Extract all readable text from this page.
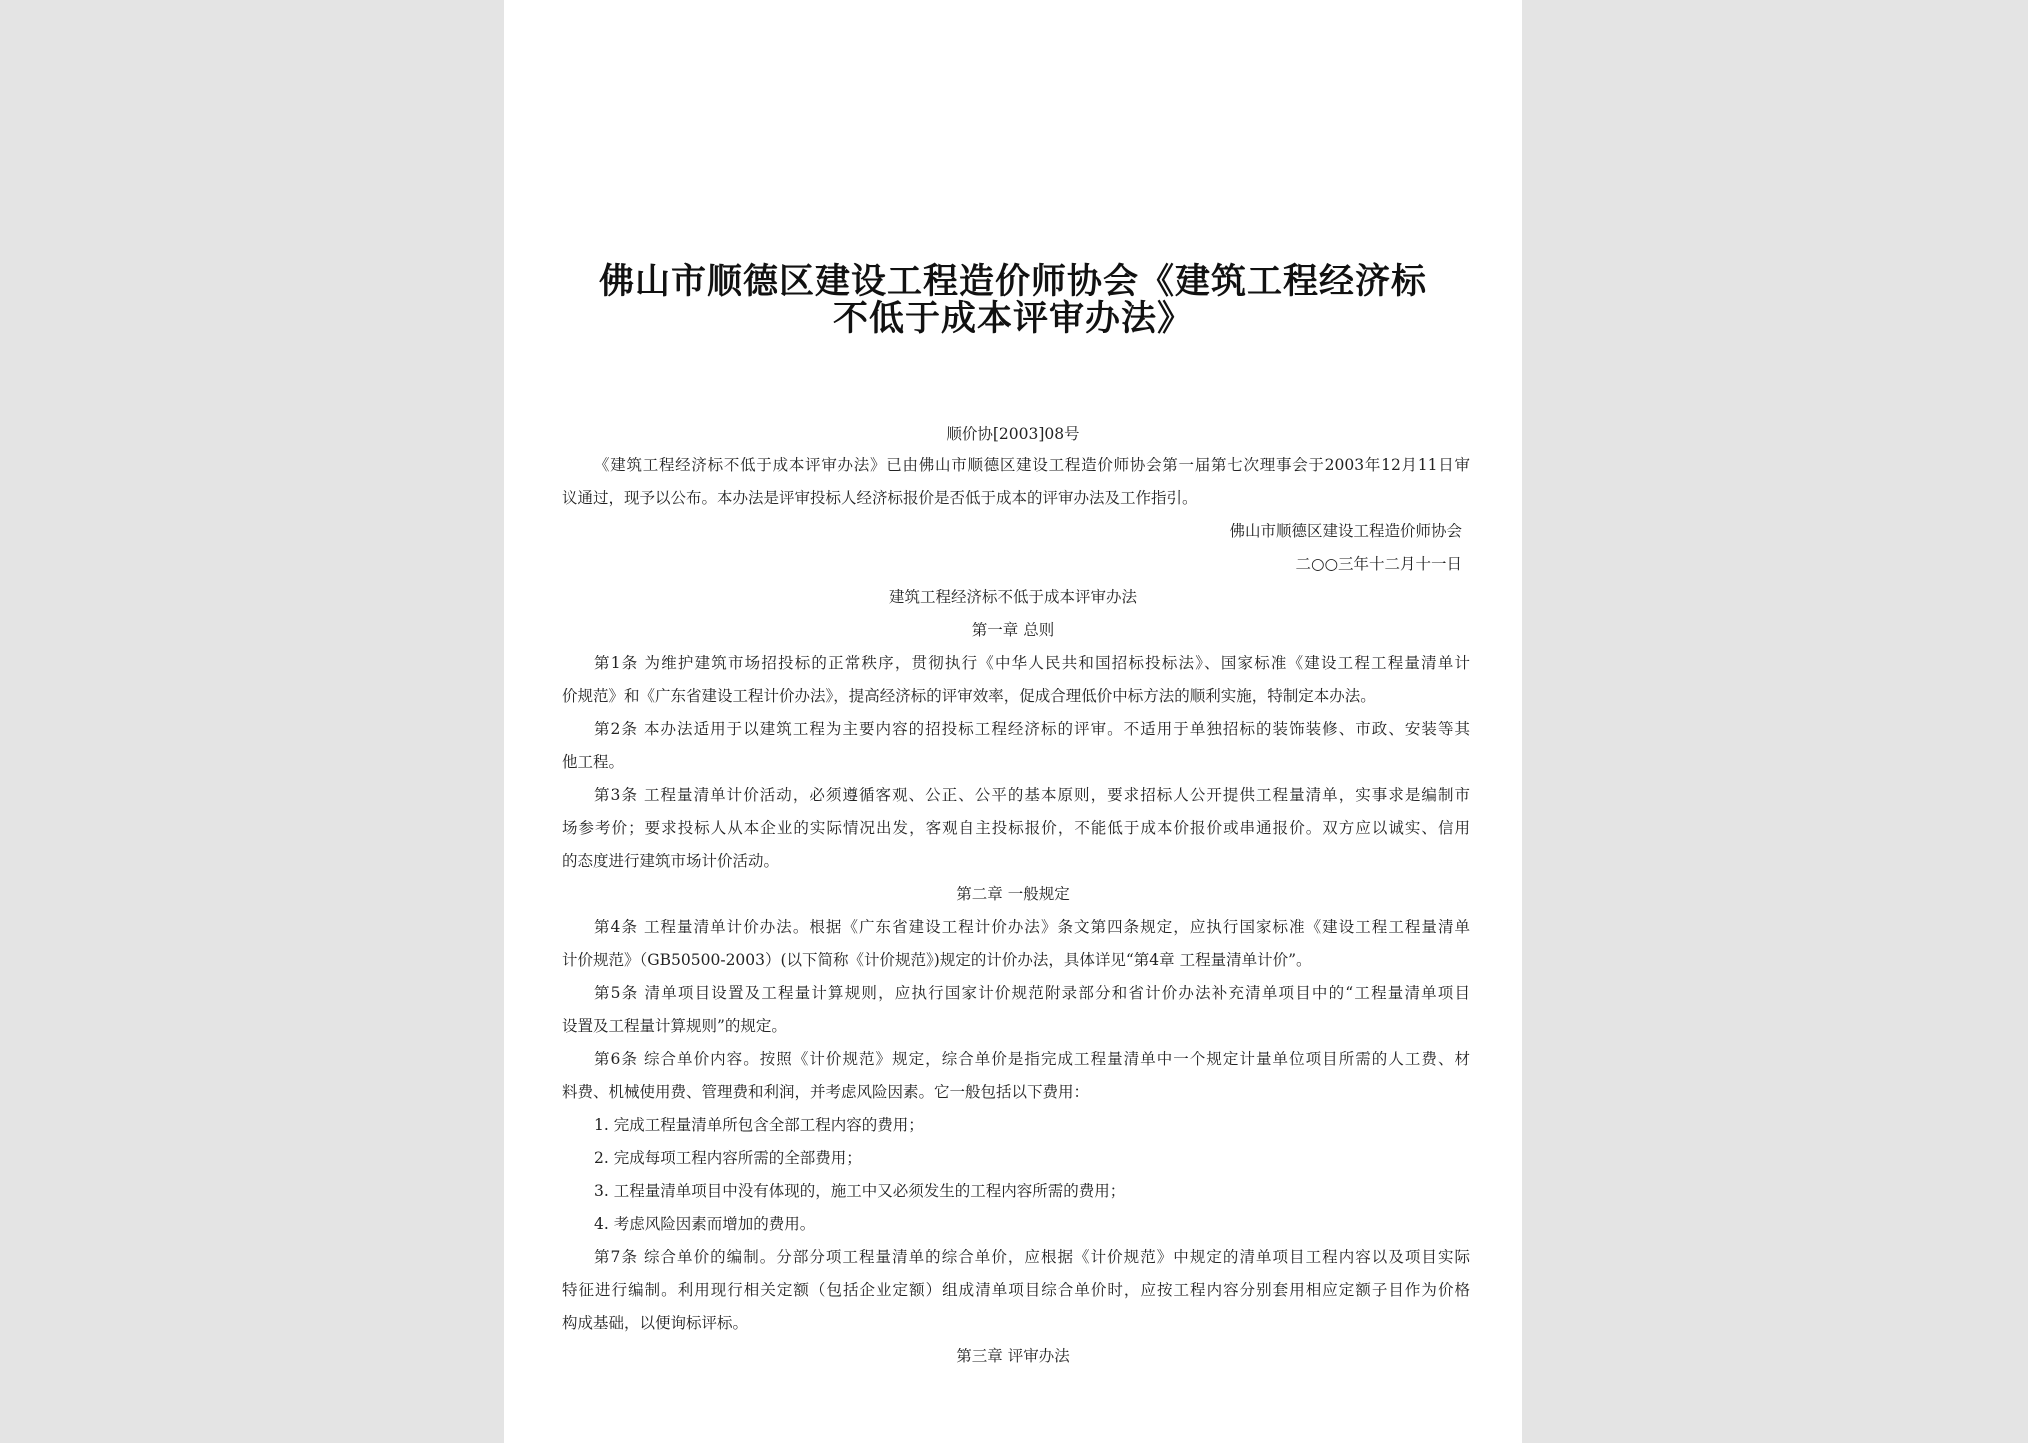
佛山市顺德区建设工程造价师协会《建筑工程经济标
不低于成本评审办法》
顺价协[2003]08号
《建筑工程经济标不低于成本评审办法》已由佛山市顺德区建设工程造价师协会第一届第七次理事会于2003年12月11日审
议通过，现予以公布。本办法是评审投标人经济标报价是否低于成本的评审办法及工作指引。
佛山市顺德区建设工程造价师协会
二○○三年十二月十一日
建筑工程经济标不低于成本评审办法
第一章 总则
第1条 为维护建筑市场招投标的正常秩序，贯彻执行《中华人民共和国招标投标法》、国家标准《建设工程工程量清单计
价规范》和《广东省建设工程计价办法》，提高经济标的评审效率，促成合理低价中标方法的顺利实施，特制定本办法。
第2条 本办法适用于以建筑工程为主要内容的招投标工程经济标的评审。不适用于单独招标的装饰装修、市政、安装等其
他工程。
第3条 工程量清单计价活动，必须遵循客观、公正、公平的基本原则，要求招标人公开提供工程量清单，实事求是编制市
场参考价；要求投标人从本企业的实际情况出发，客观自主投标报价，不能低于成本价报价或串通报价。双方应以诚实、信用
的态度进行建筑市场计价活动。
第二章 一般规定
第4条 工程量清单计价办法。根据《广东省建设工程计价办法》条文第四条规定，应执行国家标准《建设工程工程量清单
计价规范》（GB50500-2003）(以下简称《计价规范》)规定的计价办法，具体详见“第4章 工程量清单计价”。
第5条 清单项目设置及工程量计算规则，应执行国家计价规范附录部分和省计价办法补充清单项目中的“工程量清单项目
设置及工程量计算规则”的规定。
第6条 综合单价内容。按照《计价规范》规定，综合单价是指完成工程量清单中一个规定计量单位项目所需的人工费、材
料费、机械使用费、管理费和利润，并考虑风险因素。它一般包括以下费用：
1. 完成工程量清单所包含全部工程内容的费用；
2. 完成每项工程内容所需的全部费用；
3. 工程量清单项目中没有体现的，施工中又必须发生的工程内容所需的费用；
4. 考虑风险因素而增加的费用。
第7条 综合单价的编制。分部分项工程量清单的综合单价，应根据《计价规范》中规定的清单项目工程内容以及项目实际
特征进行编制。利用现行相关定额（包括企业定额）组成清单项目综合单价时，应按工程内容分别套用相应定额子目作为价格
构成基础，以便询标评标。
第三章 评审办法
